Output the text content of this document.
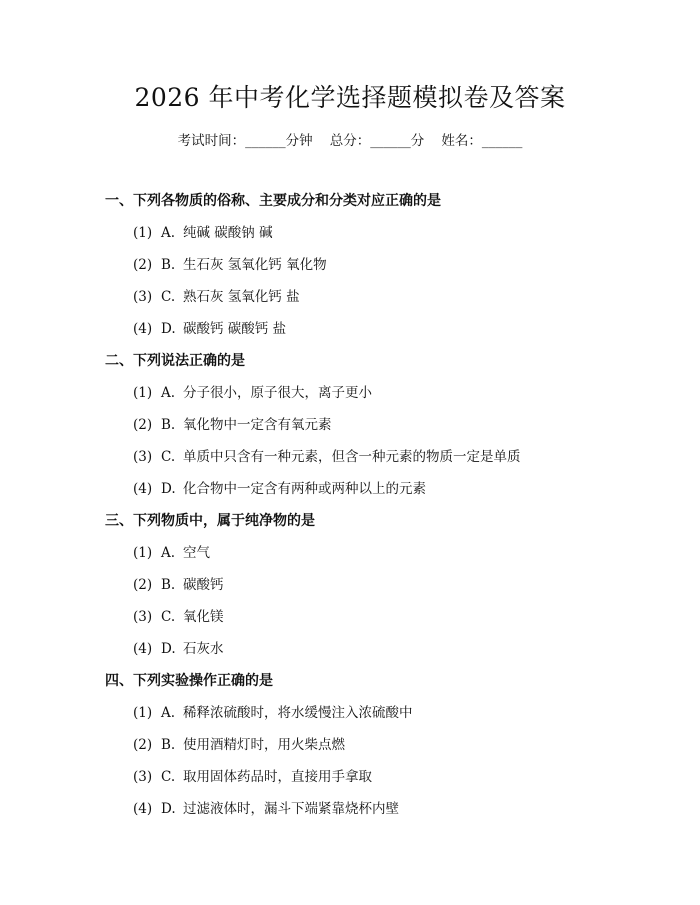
2026 年中考化学选择题模拟卷及答案
考试时间：______分钟    总分：______分    姓名：______
一、下列各物质的俗称、主要成分和分类对应正确的是
(1) A. 纯碱 碳酸钠 碱
(2) B. 生石灰 氢氧化钙 氧化物
(3) C. 熟石灰 氢氧化钙 盐
(4) D. 碳酸钙 碳酸钙 盐
二、下列说法正确的是
(1) A. 分子很小，原子很大，离子更小
(2) B. 氧化物中一定含有氧元素
(3) C. 单质中只含有一种元素，但含一种元素的物质一定是单质
(4) D. 化合物中一定含有两种或两种以上的元素
三、下列物质中，属于纯净物的是
(1) A. 空气
(2) B. 碳酸钙
(3) C. 氧化镁
(4) D. 石灰水
四、下列实验操作正确的是
(1) A. 稀释浓硫酸时，将水缓慢注入浓硫酸中
(2) B. 使用酒精灯时，用火柴点燃
(3) C. 取用固体药品时，直接用手拿取
(4) D. 过滤液体时，漏斗下端紧靠烧杯内壁
